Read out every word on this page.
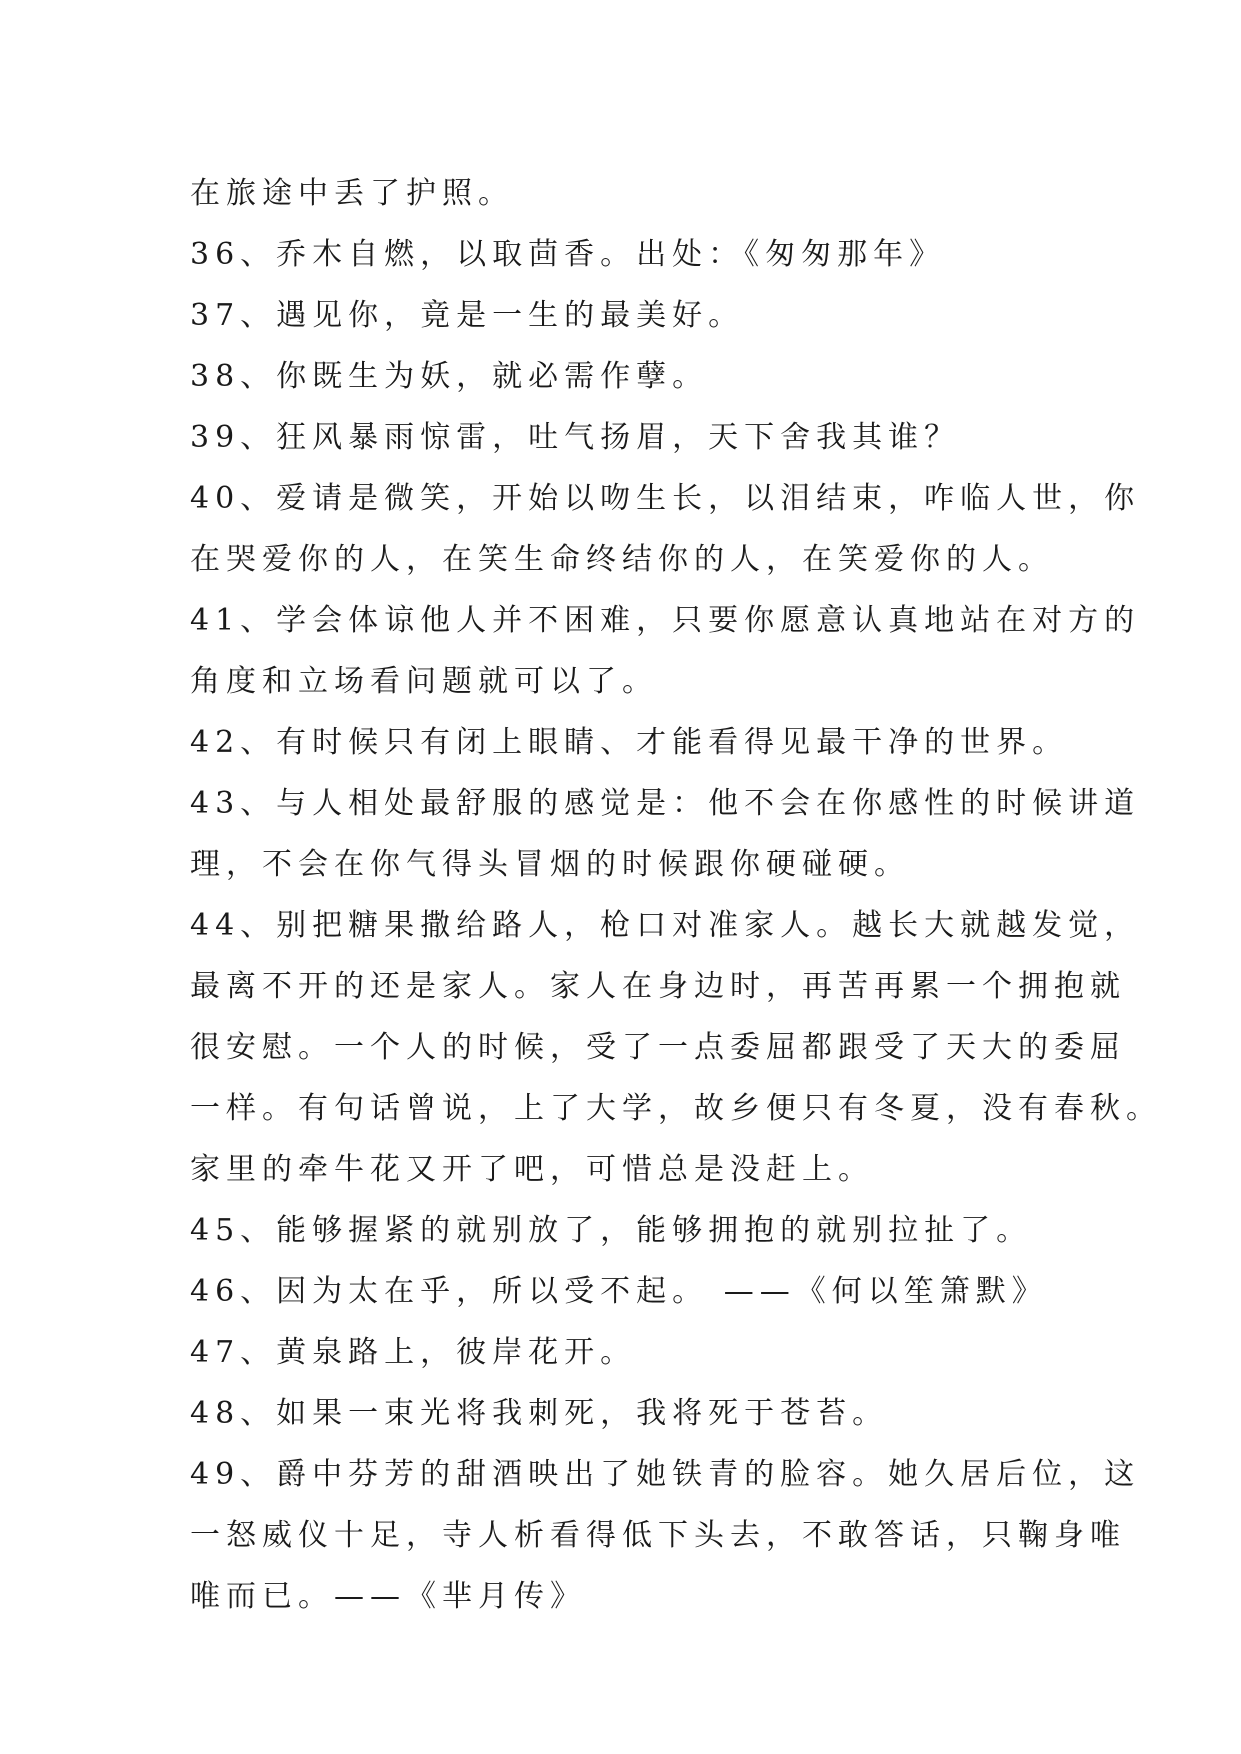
在旅途中丢了护照。
36、乔木自燃，以取茴香。出处：《匆匆那年》
37、遇见你，竟是一生的最美好。
38、你既生为妖，就必需作孽。
39、狂风暴雨惊雷，吐气扬眉，天下舍我其谁？
40、爱请是微笑，开始以吻生长，以泪结束，咋临人世，你
在哭爱你的人，在笑生命终结你的人，在笑爱你的人。
41、学会体谅他人并不困难，只要你愿意认真地站在对方的
角度和立场看问题就可以了。
42、有时候只有闭上眼睛、才能看得见最干净的世界。
43、与人相处最舒服的感觉是：他不会在你感性的时候讲道
理，不会在你气得头冒烟的时候跟你硬碰硬。
44、别把糖果撒给路人，枪口对准家人。越长大就越发觉，
最离不开的还是家人。家人在身边时，再苦再累一个拥抱就
很安慰。一个人的时候，受了一点委屈都跟受了天大的委屈
一样。有句话曾说，上了大学，故乡便只有冬夏，没有春秋。
家里的牵牛花又开了吧，可惜总是没赶上。
45、能够握紧的就别放了，能够拥抱的就别拉扯了。
46、因为太在乎，所以受不起。 ——《何以笙箫默》
47、黄泉路上，彼岸花开。
48、如果一束光将我刺死，我将死于苍苔。
49、爵中芬芳的甜酒映出了她铁青的脸容。她久居后位，这
一怒威仪十足，寺人析看得低下头去，不敢答话，只鞠身唯
唯而已。——《芈月传》
